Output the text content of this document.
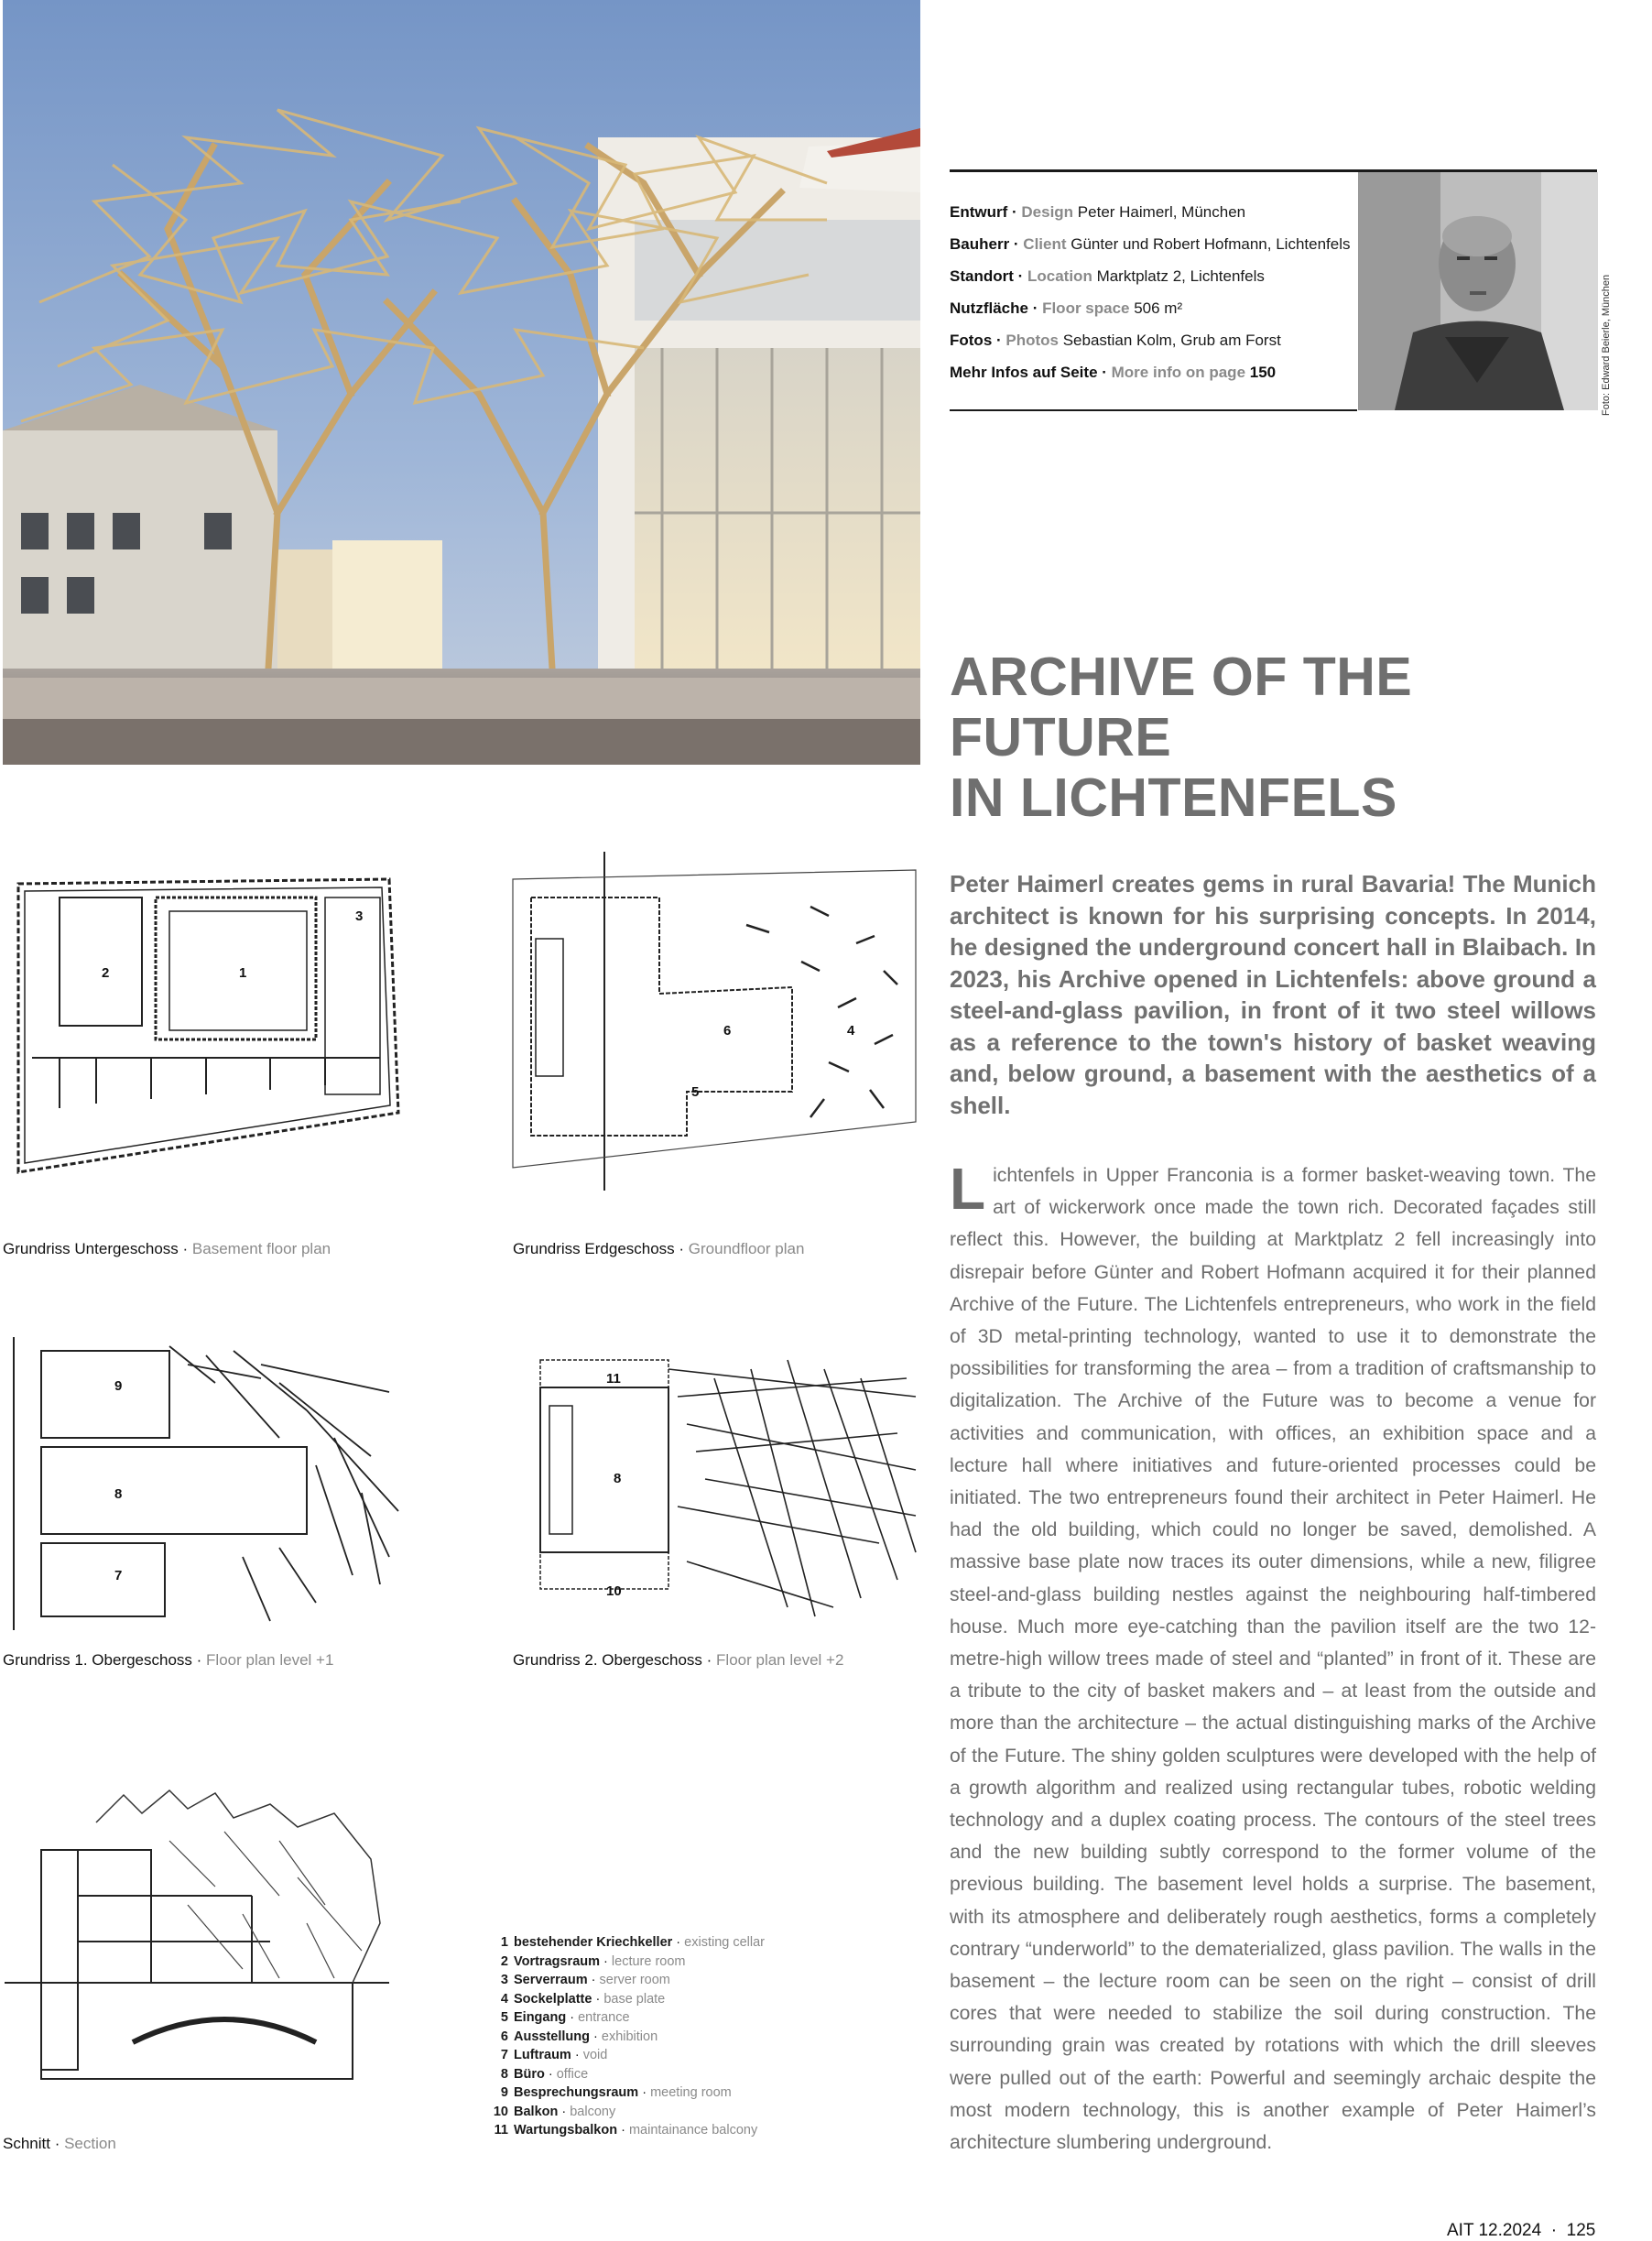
Entwurf · Design Peter Haimerl, München
Bauherr · Client Günter und Robert Hofmann, Lichtenfels
Standort · Location Marktplatz 2, Lichtenfels
Nutzfläche · Floor space 506 m²
Fotos · Photos Sebastian Kolm, Grub am Forst
Mehr Infos auf Seite · More info on page 150	Foto: Edward Beierle, München
ARCHIVE OF THE FUTURE
IN LICHTENFELS
Peter Haimerl creates gems in rural Bavaria! The Munich architect is known for his surprising concepts. In 2014, he designed the underground concert hall in Blaibach. In 2023, his Archive opened in Lichtenfels: above ground a steel-and-glass pavilion, in front of it two steel willows as a reference to the town's history of basket weaving and, below ground, a basement with the aesthetics of a shell.
Lichtenfels in Upper Franconia is a former basket-weaving town. The art of wickerwork once made the town rich. Decorated façades still reflect this. However, the building at Marktplatz 2 fell increasingly into disrepair before Günter and Robert Hofmann acquired it for their planned Archive of the Future. The Lichtenfels entrepreneurs, who work in the field of 3D metal-printing technology, wanted to use it to demonstrate the possibilities for transforming the area – from a tradition of craftsmanship to digitalization. The Archive of the Future was to become a venue for activities and communication, with offices, an exhibition space and a lecture hall where initiatives and future-oriented processes could be initiated. The two entrepreneurs found their architect in Peter Haimerl. He had the old building, which could no longer be saved, demolished. A massive base plate now traces its outer dimensions, while a new, filigree steel-and-glass building nestles against the neighbouring half-timbered house. Much more eye-catching than the pavilion itself are the two 12-metre-high willow trees made of steel and “planted” in front of it. These are a tribute to the city of basket makers and – at least from the outside and more than the architecture – the actual distinguishing marks of the Archive of the Future. The shiny golden sculptures were developed with the help of a growth algorithm and realized using rectangular tubes, robotic welding technology and a duplex coating process. The contours of the steel trees and the new building subtly correspond to the former volume of the previous building. The basement level holds a surprise. The basement, with its atmosphere and deliberately rough aesthetics, forms a completely contrary “underworld” to the dematerialized, glass pavilion. The walls in the basement – the lecture room can be seen on the right – consist of drill cores that were needed to stabilize the soil during construction. The surrounding grain was created by rotations with which the drill sleeves were pulled out of the earth: Powerful and seemingly archaic despite the most modern technology, this is another example of Peter Haimerl’s architecture slumbering underground.
1
2
3
Grundriss Untergeschoss · Basement floor plan
4
5
6
Grundriss Erdgeschoss · Groundfloor plan
7
8
9
Grundriss 1. Obergeschoss · Floor plan level +1
8
10
11
Grundriss 2. Obergeschoss · Floor plan level +2
Schnitt · Section
1 bestehender Kriechkeller · existing cellar
2 Vortragsraum · lecture room
3 Serverraum · server room
4 Sockelplatte · base plate
5 Eingang · entrance
6 Ausstellung · exhibition
7 Luftraum · void
8 Büro · office
9 Besprechungsraum · meeting room
10 Balkon · balcony
11 Wartungsbalkon · maintainance balcony
AIT 12.2024  ·  125
